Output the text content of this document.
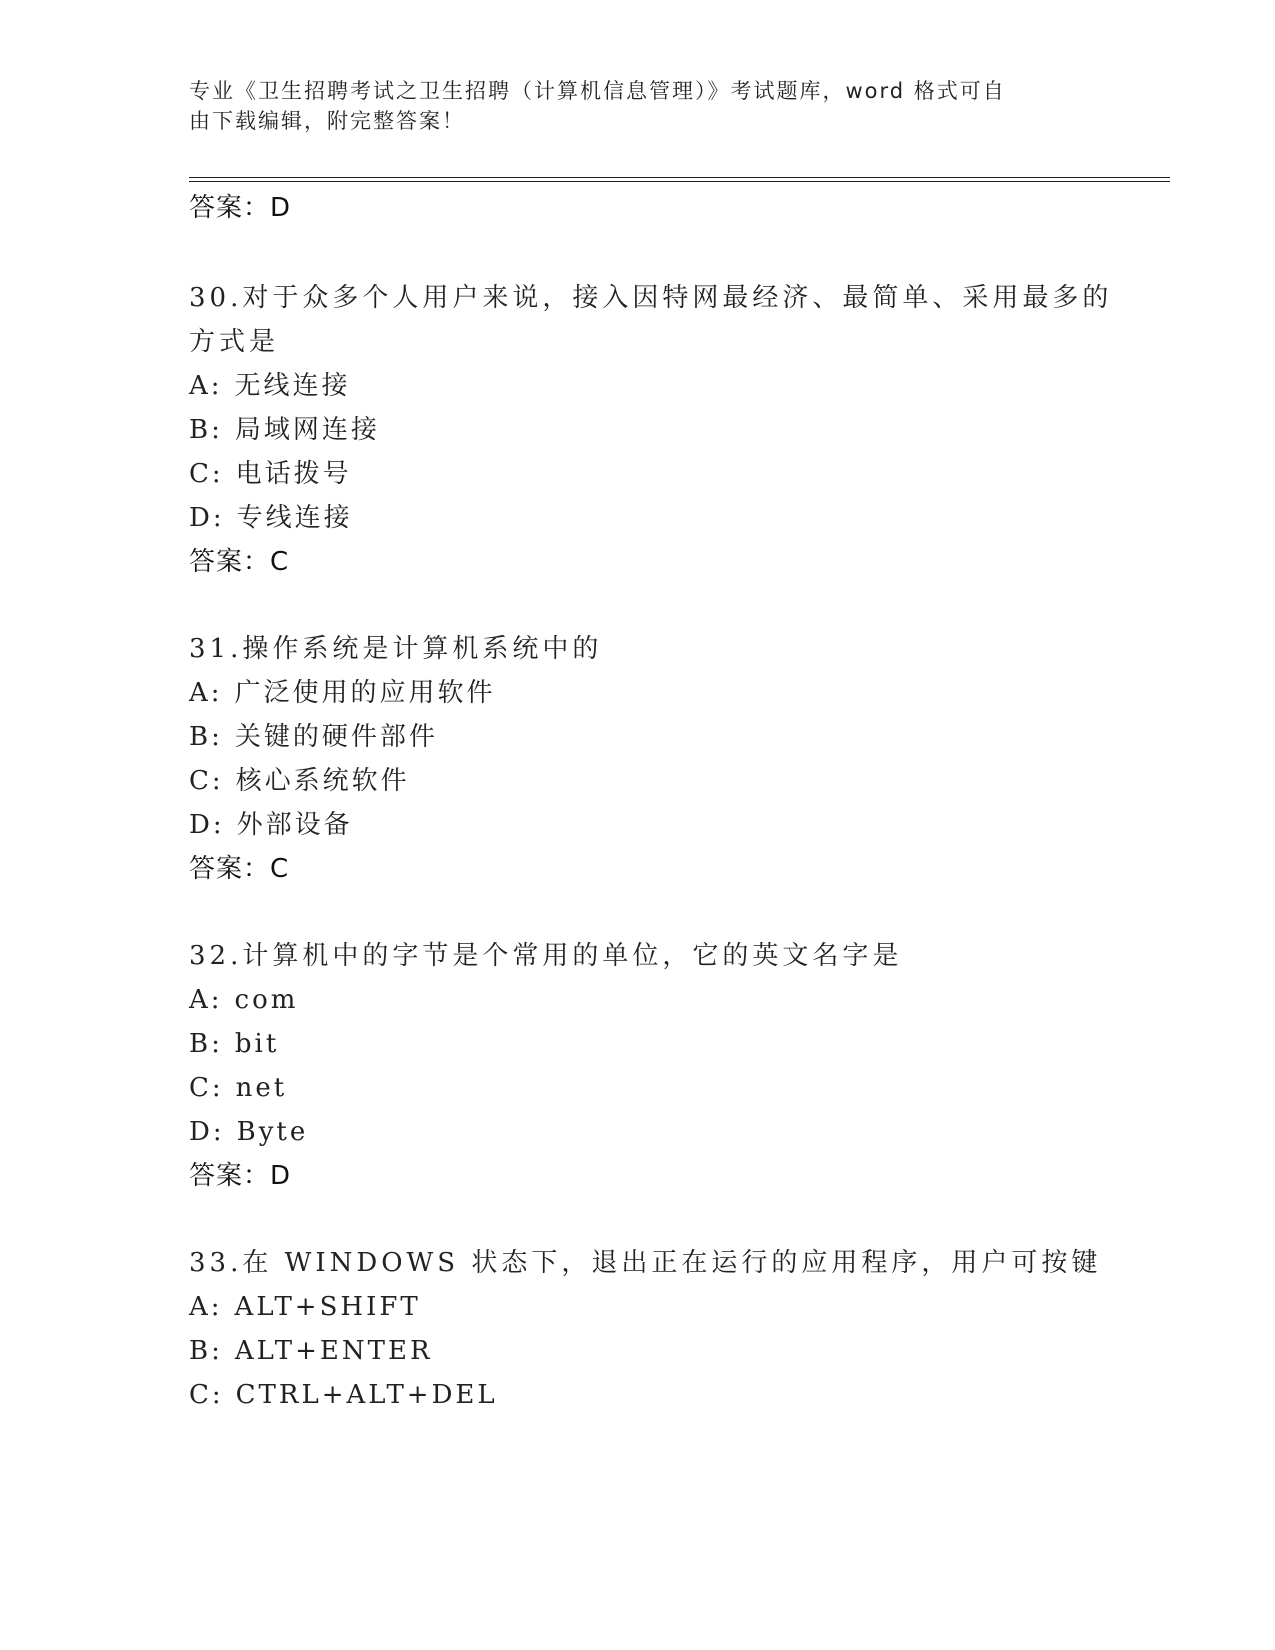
专业《卫生招聘考试之卫生招聘（计算机信息管理）》考试题库，word 格式可自
由下载编辑，附完整答案！
答案：D
30.对于众多个人用户来说，接入因特网最经济、最简单、采用最多的
方式是
A: 无线连接
B: 局域网连接
C: 电话拨号
D: 专线连接
答案：C
31.操作系统是计算机系统中的
A: 广泛使用的应用软件
B: 关键的硬件部件
C: 核心系统软件
D: 外部设备
答案：C
32.计算机中的字节是个常用的单位，它的英文名字是
A: com
B: bit
C: net
D: Byte
答案：D
33.在 WINDOWS 状态下，退出正在运行的应用程序，用户可按键
A: ALT+SHIFT
B: ALT+ENTER
C: CTRL+ALT+DEL
